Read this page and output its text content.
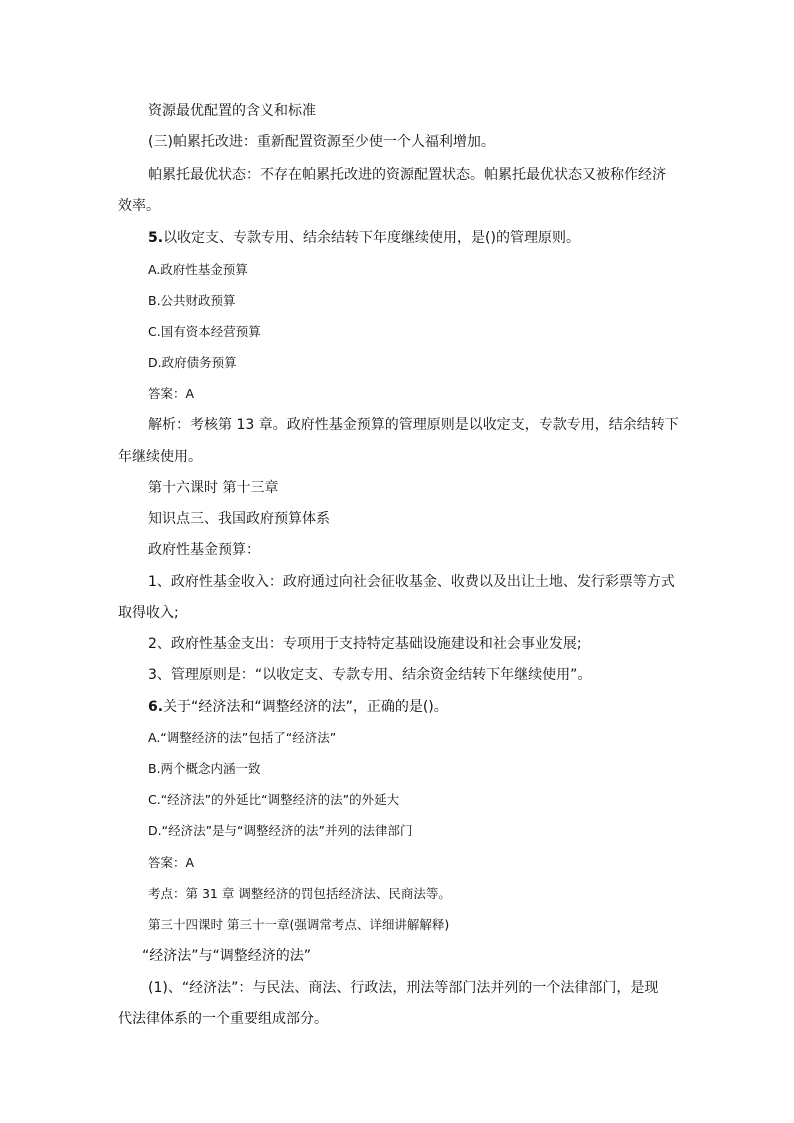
资源最优配置的含义和标准
(三)帕累托改进：重新配置资源至少使一个人福利增加。
帕累托最优状态：不存在帕累托改进的资源配置状态。帕累托最优状态又被称作经济
效率。
5.以收定支、专款专用、结余结转下年度继续使用，是()的管理原则。
A.政府性基金预算
B.公共财政预算
C.国有资本经营预算
D.政府债务预算
答案：A
解析：考核第 13 章。政府性基金预算的管理原则是以收定支，专款专用，结余结转下
年继续使用。
第十六课时 第十三章
知识点三、我国政府预算体系
政府性基金预算：
1、政府性基金收入：政府通过向社会征收基金、收费以及出让土地、发行彩票等方式
取得收入;
2、政府性基金支出：专项用于支持特定基础设施建设和社会事业发展;
3、管理原则是：“以收定支、专款专用、结余资金结转下年继续使用”。
6.关于“经济法和“调整经济的法”，正确的是()。
A.“调整经济的法”包括了“经济法”
B.两个概念内涵一致
C.“经济法”的外延比“调整经济的法”的外延大
D.“经济法”是与“调整经济的法”并列的法律部门
答案：A
考点：第 31 章 调整经济的罚包括经济法、民商法等。
第三十四课时 第三十一章(强调常考点、详细讲解解释)
“经济法”与“调整经济的法”
(1)、“经济法”：与民法、商法、行政法，刑法等部门法并列的一个法律部门，是现
代法律体系的一个重要组成部分。
